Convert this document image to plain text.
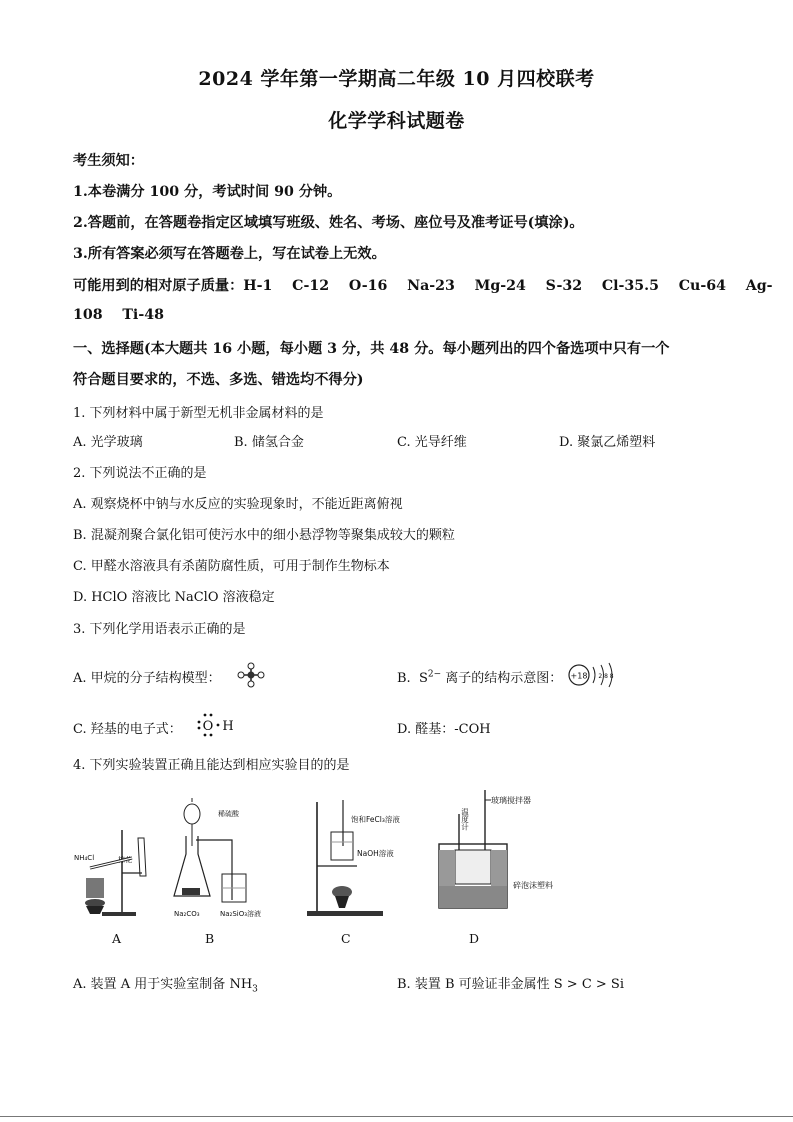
2024 学年第一学期高二年级 10 月四校联考
化学学科试题卷
考生须知：
1.本卷满分 100 分，考试时间 90 分钟。
2.答题前，在答题卷指定区域填写班级、姓名、考场、座位号及准考证号(填涂)。
3.所有答案必须写在答题卷上，写在试卷上无效。
可能用到的相对原子质量：H-1    C-12    O-16    Na-23    Mg-24    S-32    Cl-35.5    Cu-64    Ag-
108    Ti-48
一、选择题(本大题共 16 小题，每小题 3 分，共 48 分。每小题列出的四个备选项中只有一个
符合题目要求的，不选、多选、错选均不得分)
1. 下列材料中属于新型无机非金属材料的是
A. 光学玻璃	B. 储氢合金	C. 光导纤维	D. 聚氯乙烯塑料
2. 下列说法不正确的是
A. 观察烧杯中钠与水反应的实验现象时，不能近距离俯视
B. 混凝剂聚合氯化铝可使污水中的细小悬浮物等聚集成较大的颗粒
C. 甲醛水溶液具有杀菌防腐性质，可用于制作生物标本
D. HClO 溶液比 NaClO 溶液稳定
3. 下列化学用语表示正确的是
A. 甲烷的分子结构模型：	B.  $S^{2-}$ 离子的结构示意图： +18 2 8 8
C. 羟基的电子式： O H	D. 醛基：-COH
4. 下列实验装置正确且能达到相应实验目的的是
NH₄Cl	棉花
A
稀硫酸
Na₂CO₃	Na₂SiO₃溶液
B
饱和FeCl₃溶液
NaOH溶液
C
玻璃搅拌器
温度计
碎泡沫塑料
D
A. 装置 A 用于实验室制备 $NH_3$	B. 装置 B 可验证非金属性 S > C > Si
